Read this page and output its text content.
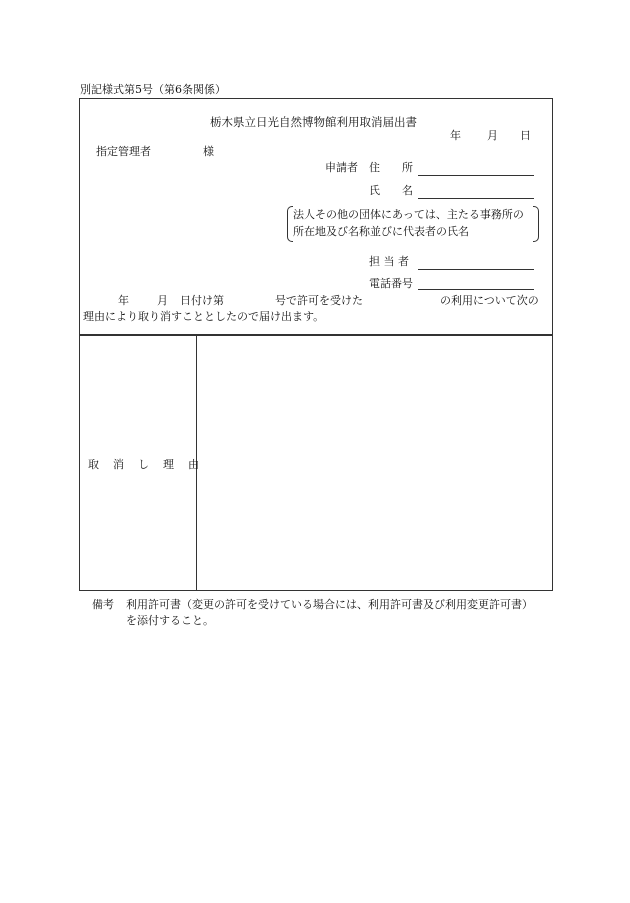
別記様式第5号（第6条関係）
栃木県立日光自然博物館利用取消届出書
年 月 日
指定管理者	様
申請者 住　　所
氏　　名
法人その他の団体にあっては、主たる事務所の
所在地及び名称並びに代表者の氏名
担 当 者
電話番号
年	月 日付け第	号で許可を受けた	の利用について次の
理由により取り消すこととしたので届け出ます。
取消し理由
備考 利用許可書（変更の許可を受けている場合には、利用許可書及び利用変更許可書）
を添付すること。
